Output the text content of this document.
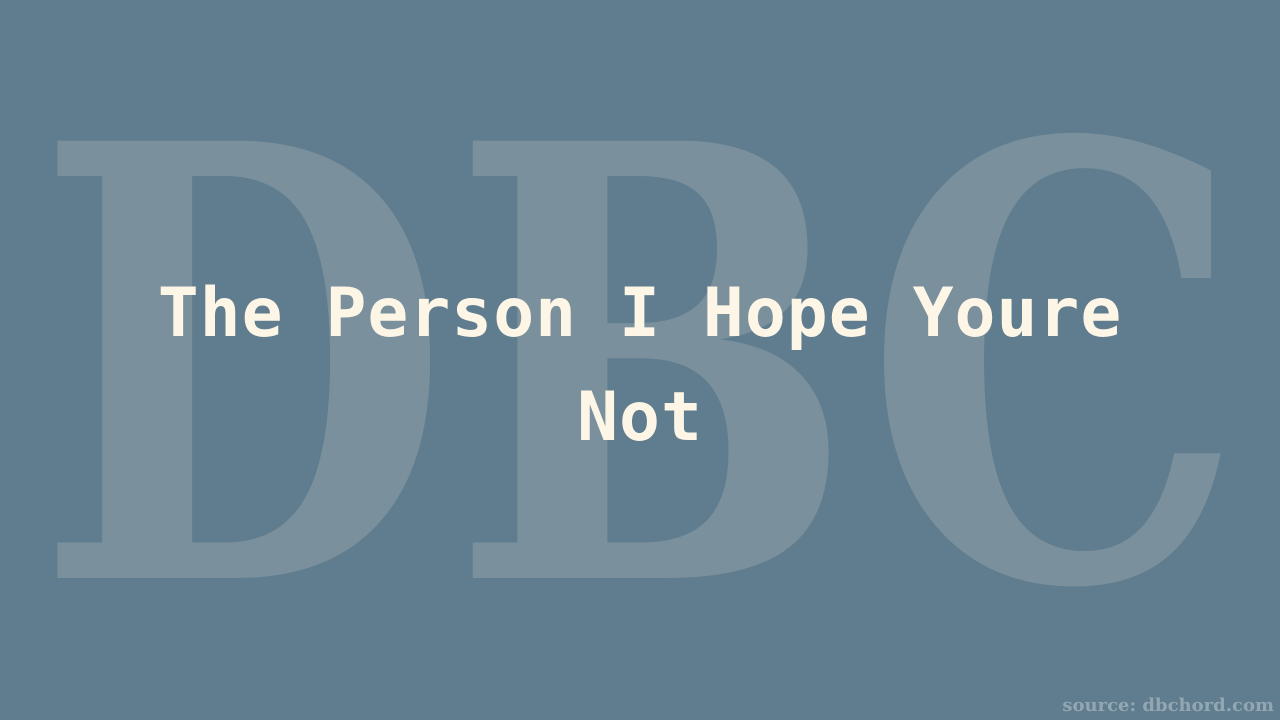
DBC
The Person I Hope Youre Not
source: dbchord.com
